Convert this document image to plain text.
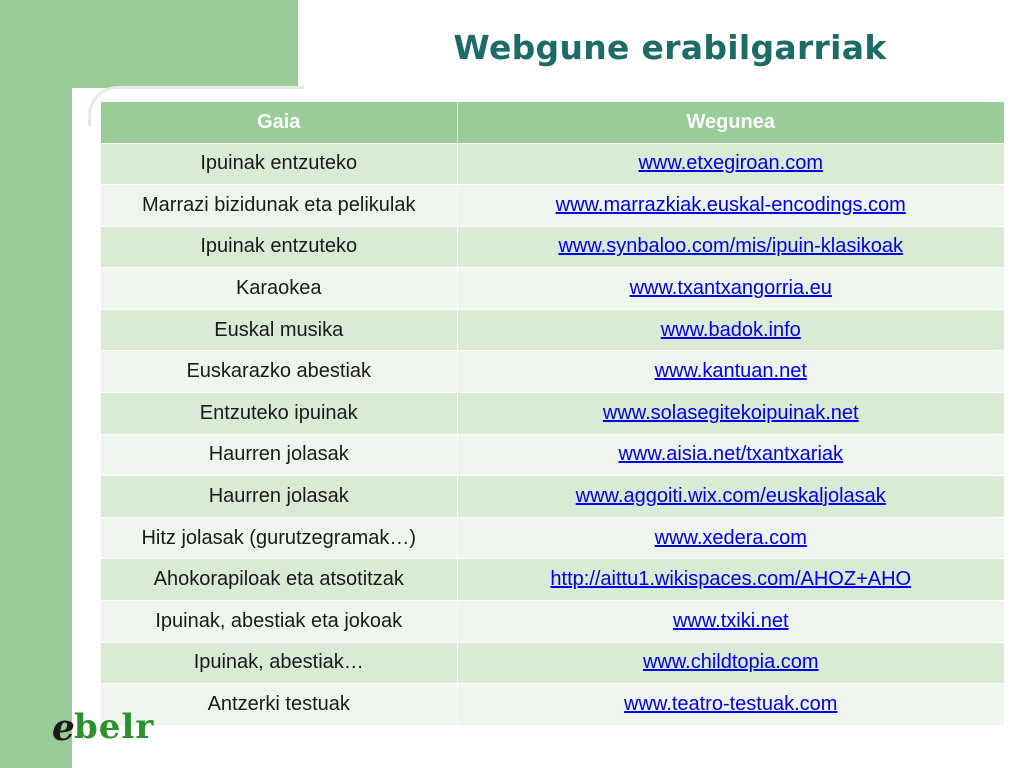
Webgune erabilgarriak
Gaia	Wegunea
Ipuinak entzuteko	www.etxegiroan.com
Marrazi bizidunak eta pelikulak	www.marrazkiak.euskal-encodings.com
Ipuinak entzuteko	www.synbaloo.com/mis/ipuin-klasikoak
Karaokea	www.txantxangorria.eu
Euskal musika	www.badok.info
Euskarazko abestiak	www.kantuan.net
Entzuteko ipuinak	www.solasegitekoipuinak.net
Haurren jolasak	www.aisia.net/txantxariak
Haurren jolasak	www.aggoiti.wix.com/euskaljolasak
Hitz jolasak (gurutzegramak…)	www.xedera.com
Ahokorapiloak eta atsotitzak	http://aittu1.wikispaces.com/AHOZ+AHO
Ipuinak, abestiak eta jokoak	www.txiki.net
Ipuinak, abestiak…	www.childtopia.com
Antzerki testuak	www.teatro-testuak.com
e belr
